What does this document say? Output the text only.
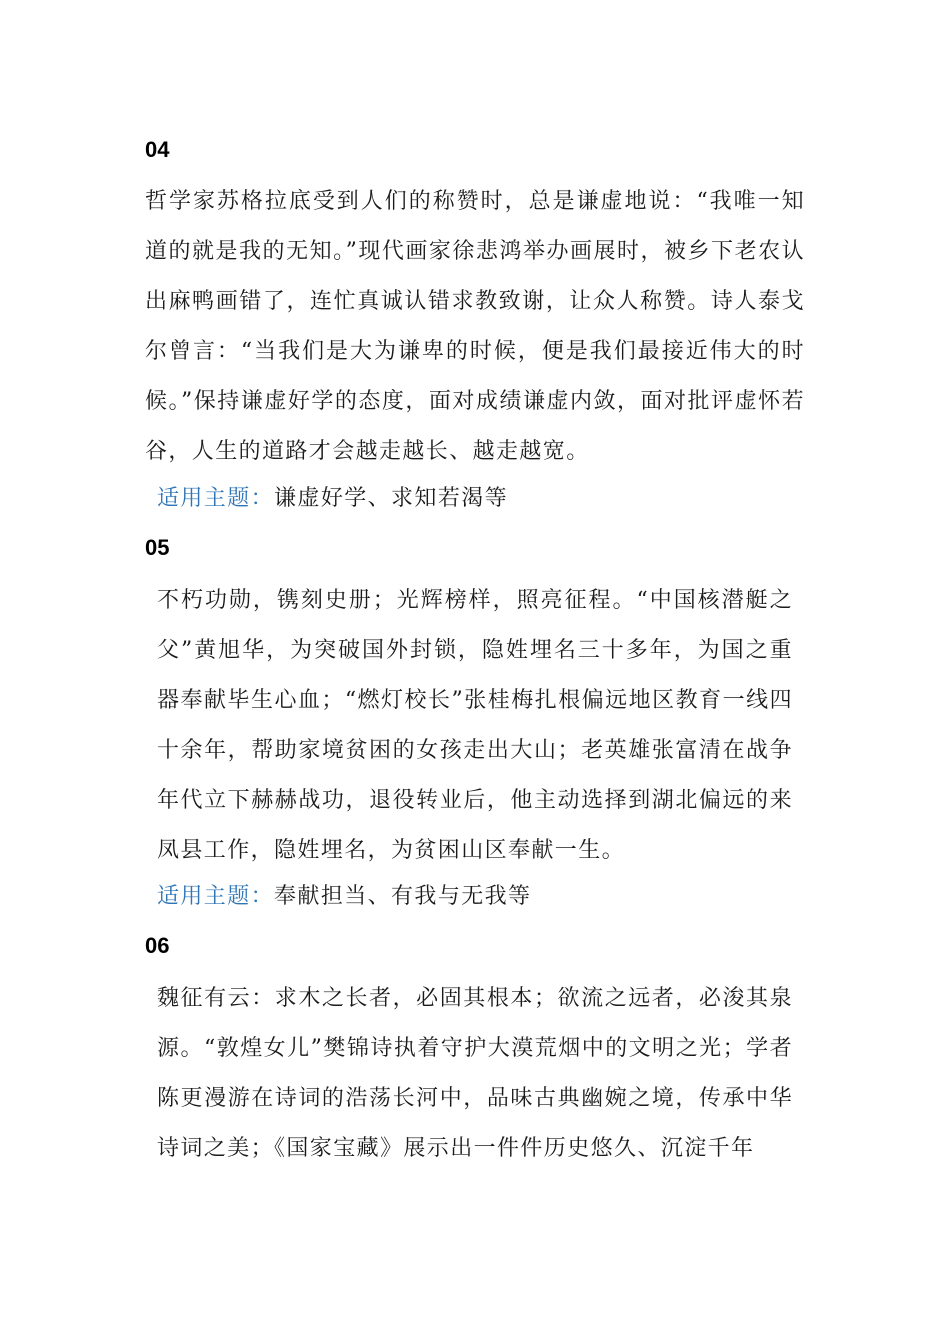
04

哲学家苏格拉底受到人们的称赞时，总是谦虚地说：“我唯一知道的就是我的无知。”现代画家徐悲鸿举办画展时，被乡下老农认出麻鸭画错了，连忙真诚认错求教致谢，让众人称赞。诗人泰戈尔曾言：“当我们是大为谦卑的时候，便是我们最接近伟大的时候。”保持谦虚好学的态度，面对成绩谦虚内敛，面对批评虚怀若谷，人生的道路才会越走越长、越走越宽。

适用主题：谦虚好学、求知若渴等
05

不朽功勋，镌刻史册；光辉榜样，照亮征程。“中国核潜艇之父”黄旭华，为突破国外封锁，隐姓埋名三十多年，为国之重器奉献毕生心血；“燃灯校长”张桂梅扎根偏远地区教育一线四十余年，帮助家境贫困的女孩走出大山；老英雄张富清在战争年代立下赫赫战功，退役转业后，他主动选择到湖北偏远的来凤县工作，隐姓埋名，为贫困山区奉献一生。

适用主题：奉献担当、有我与无我等
06

魏征有云：求木之长者，必固其根本；欲流之远者，必浚其泉源。“敦煌女儿”樊锦诗执着守护大漠荒烟中的文明之光；学者陈更漫游在诗词的浩荡长河中，品味古典幽婉之境，传承中华诗词之美；《国家宝藏》展示出一件件历史悠久、沉淀千年
